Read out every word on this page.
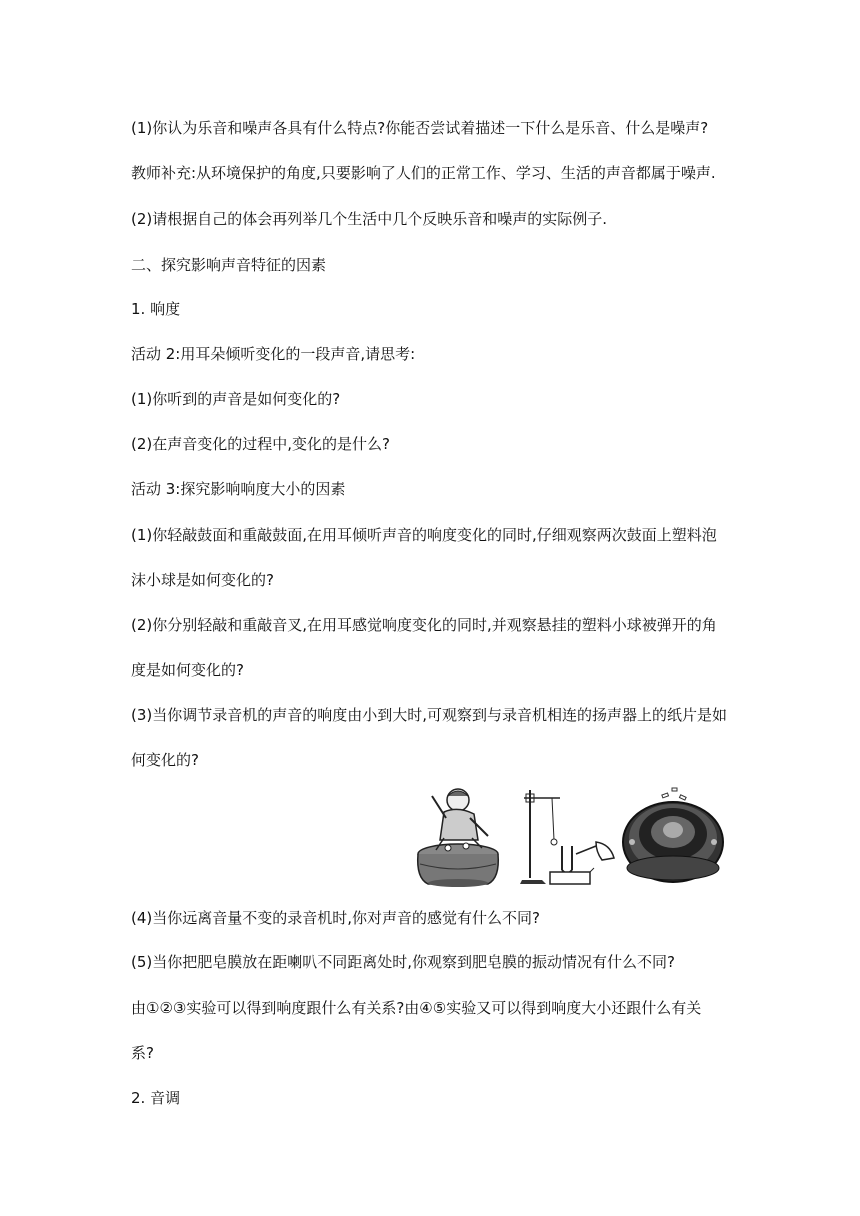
(1)你认为乐音和噪声各具有什么特点?你能否尝试着描述一下什么是乐音、什么是噪声?
教师补充:从环境保护的角度,只要影响了人们的正常工作、学习、生活的声音都属于噪声.
(2)请根据自己的体会再列举几个生活中几个反映乐音和噪声的实际例子.
二、探究影响声音特征的因素
1. 响度
活动 2:用耳朵倾听变化的一段声音,请思考:
(1)你听到的声音是如何变化的?
(2)在声音变化的过程中,变化的是什么?
活动 3:探究影响响度大小的因素
(1)你轻敲鼓面和重敲鼓面,在用耳倾听声音的响度变化的同时,仔细观察两次鼓面上塑料泡
沫小球是如何变化的?
(2)你分别轻敲和重敲音叉,在用耳感觉响度变化的同时,并观察悬挂的塑料小球被弹开的角
度是如何变化的?
(3)当你调节录音机的声音的响度由小到大时,可观察到与录音机相连的扬声器上的纸片是如
何变化的?
(4)当你远离音量不变的录音机时,你对声音的感觉有什么不同?
(5)当你把肥皂膜放在距喇叭不同距离处时,你观察到肥皂膜的振动情况有什么不同?
由①②③实验可以得到响度跟什么有关系?由④⑤实验又可以得到响度大小还跟什么有关
系?
2. 音调
